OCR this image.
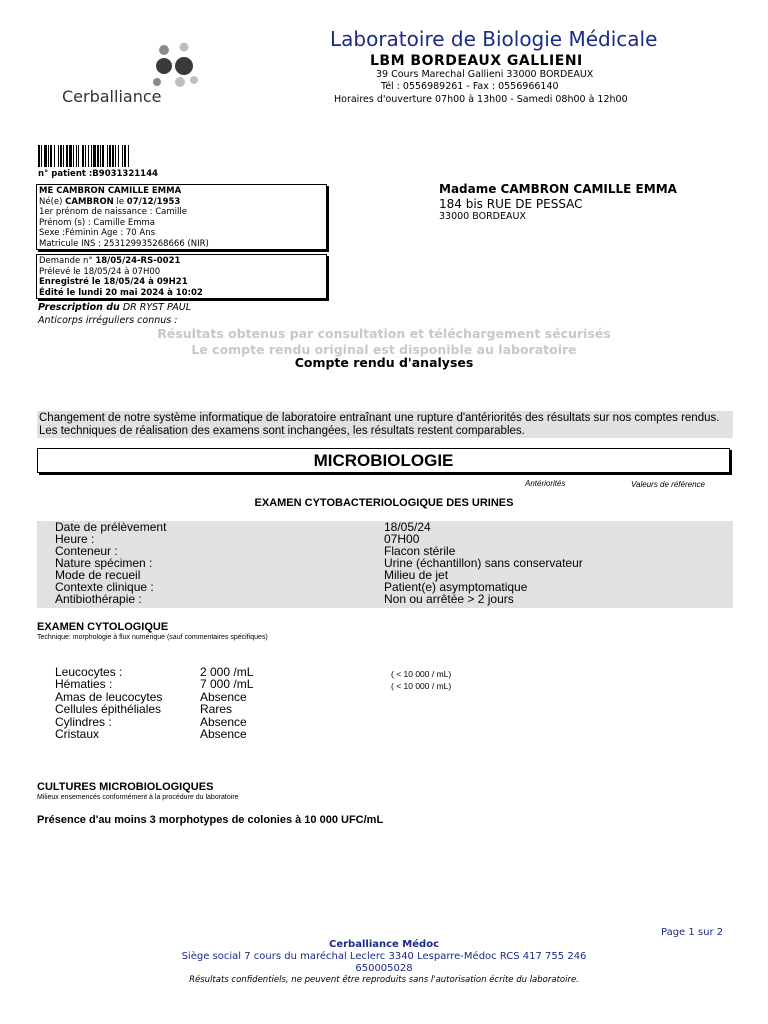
Cerballiance
Laboratoire de Biologie Médicale
LBM BORDEAUX GALLIENI
39 Cours Marechal Gallieni 33000 BORDEAUX
Tél : 0556989261 - Fax : 0556966140
Horaires d'ouverture 07h00 à 13h00 - Samedi 08h00 à 12h00
n° patient :B9031321144
ME CAMBRON CAMILLE EMMA
Né(e) CAMBRON le 07/12/1953
1er prénom de naissance : Camille
Prénom (s) : Camille Emma
Sexe :Féminin Age : 70 Ans
Matricule INS : 253129935268666 (NIR)
Demande n° 18/05/24-RS-0021
Prélevé le 18/05/24 à 07H00
Enregistré le 18/05/24 à 09H21
Édité le lundi 20 mai 2024 à 10:02
Madame CAMBRON CAMILLE EMMA
184 bis RUE DE PESSAC
33000 BORDEAUX
Prescription du DR RYST PAUL
Anticorps irréguliers connus :
Résultats obtenus par consultation et téléchargement sécurisés
Le compte rendu original est disponible au laboratoire
Compte rendu d'analyses
Changement de notre système informatique de laboratoire entraînant une rupture d'antériorités des résultats sur nos comptes rendus.
Les techniques de réalisation des examens sont inchangées, les résultats restent comparables.
MICROBIOLOGIE
Antériorités	Valeurs de référence
EXAMEN CYTOBACTERIOLOGIQUE DES URINES
Date de prélèvement	18/05/24
Heure :	07H00
Conteneur :	Flacon stérile
Nature spécimen :	Urine (échantillon) sans conservateur
Mode de recueil	Milieu de jet
Contexte clinique :	Patient(e) asymptomatique
Antibiothérapie :	Non ou arrêtée > 2 jours
EXAMEN CYTOLOGIQUE
Technique: morphologie à flux numérique (sauf commentaires spécifiques)
Leucocytes :	2 000 /mL	( < 10 000 / mL)
Hématies :	7 000 /mL	( < 10 000 / mL)
Amas de leucocytes	Absence
Cellules épithéliales	Rares
Cylindres :	Absence
Cristaux	Absence
CULTURES MICROBIOLOGIQUES
Milieux ensemencés conformément à la procédure du laboratoire
Présence d'au moins 3 morphotypes de colonies à 10 000 UFC/mL
Page 1 sur 2
Cerballiance Médoc
Siège social 7 cours du maréchal Leclerc 3340 Lesparre-Médoc RCS 417 755 246
650005028
Résultats confidentiels, ne peuvent être reproduits sans l'autorisation écrite du laboratoire.
